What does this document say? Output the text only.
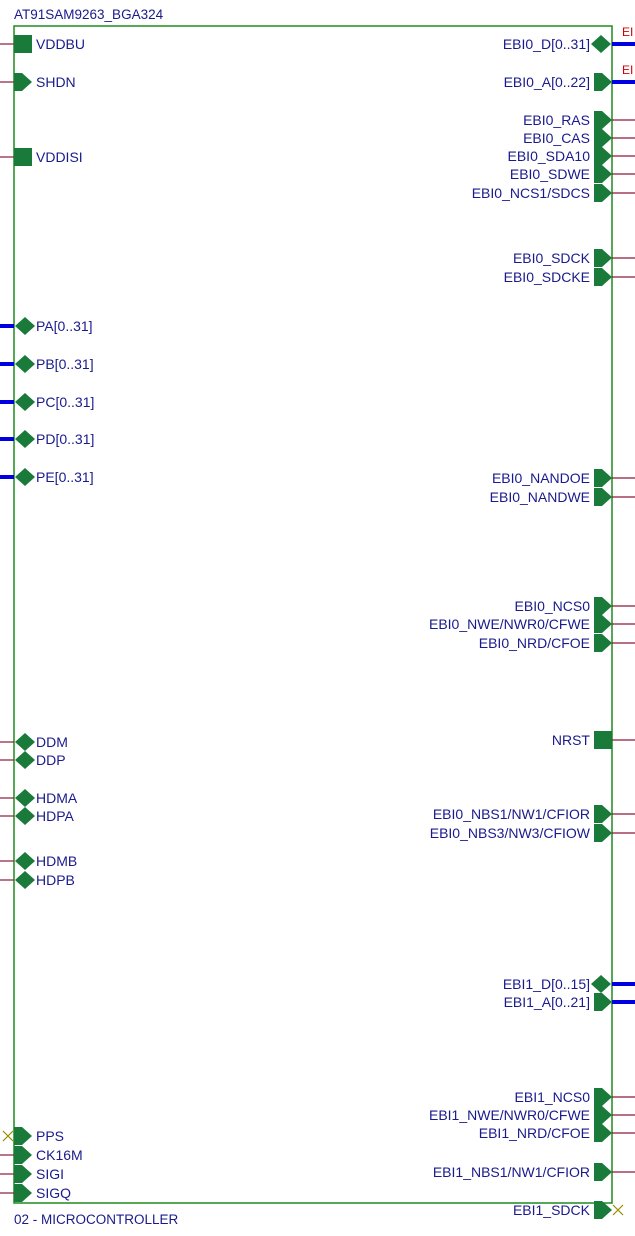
AT91SAM9263_BGA324
02 - MICROCONTROLLER
EI
EI
VDDBU
SHDN
VDDISI
PA[0..31]
PB[0..31]
PC[0..31]
PD[0..31]
PE[0..31]
DDM
DDP
HDMA
HDPA
HDMB
HDPB
PPS
CK16M
SIGI
SIGQ
EBI0_D[0..31]
EBI0_A[0..22]
EBI0_RAS
EBI0_CAS
EBI0_SDA10
EBI0_SDWE
EBI0_NCS1/SDCS
EBI0_SDCK
EBI0_SDCKE
EBI0_NANDOE
EBI0_NANDWE
EBI0_NCS0
EBI0_NWE/NWR0/CFWE
EBI0_NRD/CFOE
NRST
EBI0_NBS1/NW1/CFIOR
EBI0_NBS3/NW3/CFIOW
EBI1_D[0..15]
EBI1_A[0..21]
EBI1_NCS0
EBI1_NWE/NWR0/CFWE
EBI1_NRD/CFOE
EBI1_NBS1/NW1/CFIOR
EBI1_SDCK
